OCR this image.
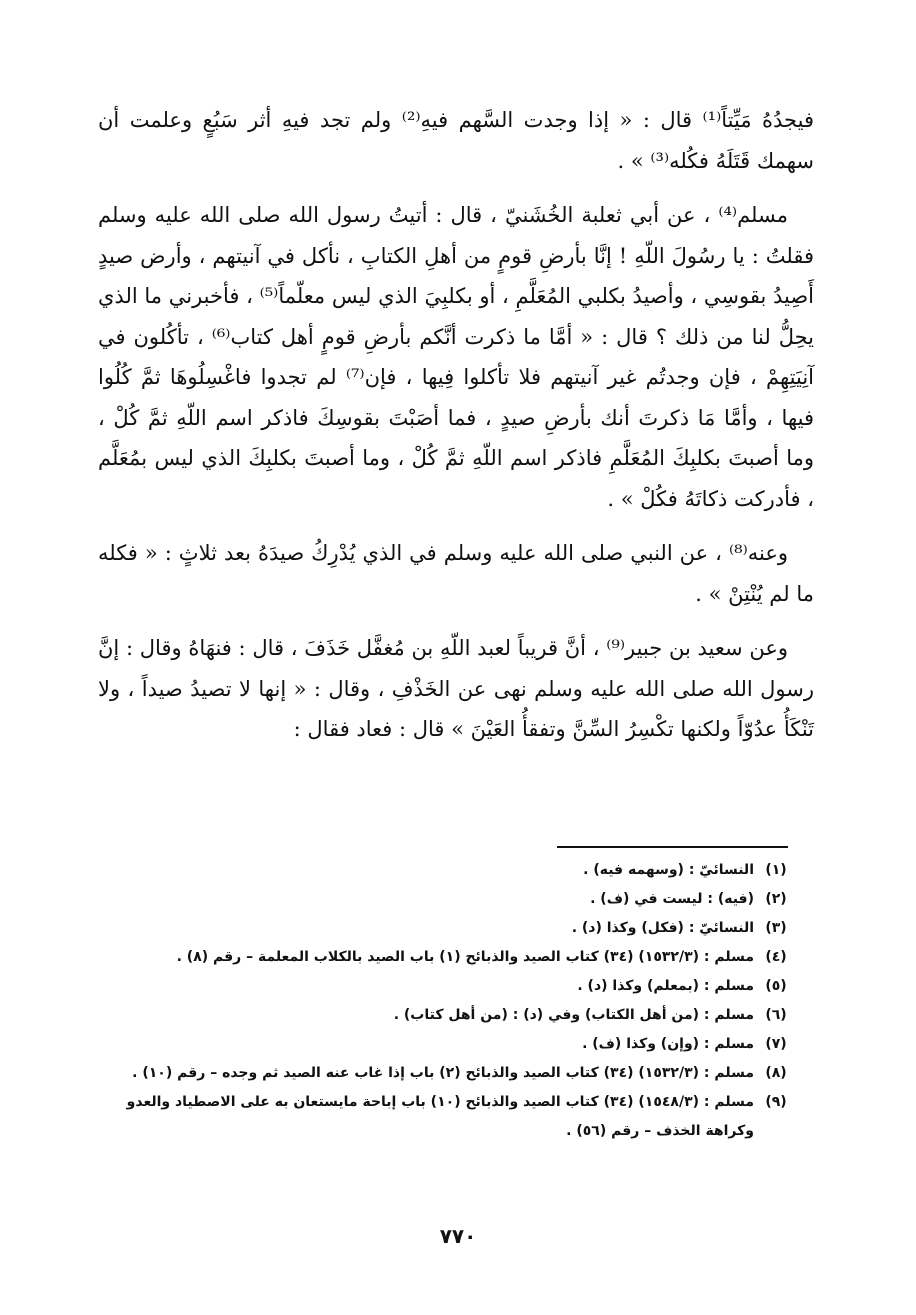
فيجدُهُ مَيِّتاً⁽¹⁾ قال : « إذا وجدت السَّهم فيهِ⁽²⁾ ولم تجد فيهِ أثر سَبُعٍ وعلمت أن سهمك قَتَلَهُ فكُله⁽³⁾ » .

مسلم⁽⁴⁾ ، عن أبي ثعلبة الخُشَنيّ ، قال : أتيتُ رسول الله صلى الله عليه وسلم فقلتُ : يا رسُولَ اللّهِ ! إنَّا بأرضِ قومٍ من أهلِ الكتابِ ، نأكل في آنيتهم ، وأرض صيدٍ أَصِيدُ بقوسِي ، وأصيدُ بكلبي المُعَلَّمِ ، أو بكلبِيَ الذي ليس معلّماً⁽⁵⁾ ، فأخبرني ما الذي يحِلُّ لنا من ذلك ؟ قال : « أمَّا ما ذكرت أنَّكم بأرضِ قومٍ أهل كتاب⁽⁶⁾ ، تأكُلون في آنِيَتِهِمْ ، فإن وجدتُم غير آنيتهم فلا تأكلوا فِيها ، فإن⁽⁷⁾ لم تجدوا فاغْسِلُوهَا ثمَّ كُلُوا فيها ، وأمَّا مَا ذكرتَ أنك بأرضِ صيدٍ ، فما أصَبْتَ بقوسِكَ فاذكر اسم اللّهِ ثمَّ كُلْ ، وما أصبتَ بكلبِكَ المُعَلَّمِ فاذكر اسم اللّهِ ثمَّ كُلْ ، وما أصبتَ بكلبِكَ الذي ليس بمُعَلَّم ، فأدركت ذكاتَهُ فكُلْ » .

وعنه⁽⁸⁾ ، عن النبي صلى الله عليه وسلم في الذي يُدْرِكُ صيدَهُ بعد ثلاثٍ : « فكله ما لم يُنْتِنْ » .

وعن سعيد بن جبير⁽⁹⁾ ، أنَّ قريباً لعبد اللّهِ بن مُغفَّل خَذَفَ ، قال : فنهَاهُ وقال : إنَّ رسول الله صلى الله عليه وسلم نهى عن الخَذْفِ ، وقال : « إنها لا تصيدُ صيداً ، ولا تَنْكَأُ عدُوّاً ولكنها تكْسِرُ السِّنَّ وتفقأُ العَيْنَ » قال : فعاد فقال :

(١)
النسائيّ : (وسهمه فيه) .
(٢)
(فيه) : ليست في (ف) .
(٣)
النسائيّ : (فكل) وكذا (د) .
(٤)
مسلم : (١٥٣٢/٣) (٣٤) كتاب الصيد والذبائح (١) باب الصيد بالكلاب المعلمة – رقم (٨) .
(٥)
مسلم : (بمعلم) وكذا (د) .
(٦)
مسلم : (من أهل الكتاب) وفي (د) : (من أهل كتاب) .
(٧)
مسلم : (وإن) وكذا (ف) .
(٨)
مسلم : (١٥٣٢/٣) (٣٤) كتاب الصيد والذبائح (٢) باب إذا غاب عنه الصيد ثم وجده – رقم (١٠) .
(٩)
مسلم : (١٥٤٨/٣) (٣٤) كتاب الصيد والذبائح (١٠) باب إباحة مايستعان به على الاصطياد والعدو وكراهة الخذف – رقم (٥٦) .
٧٧٠
